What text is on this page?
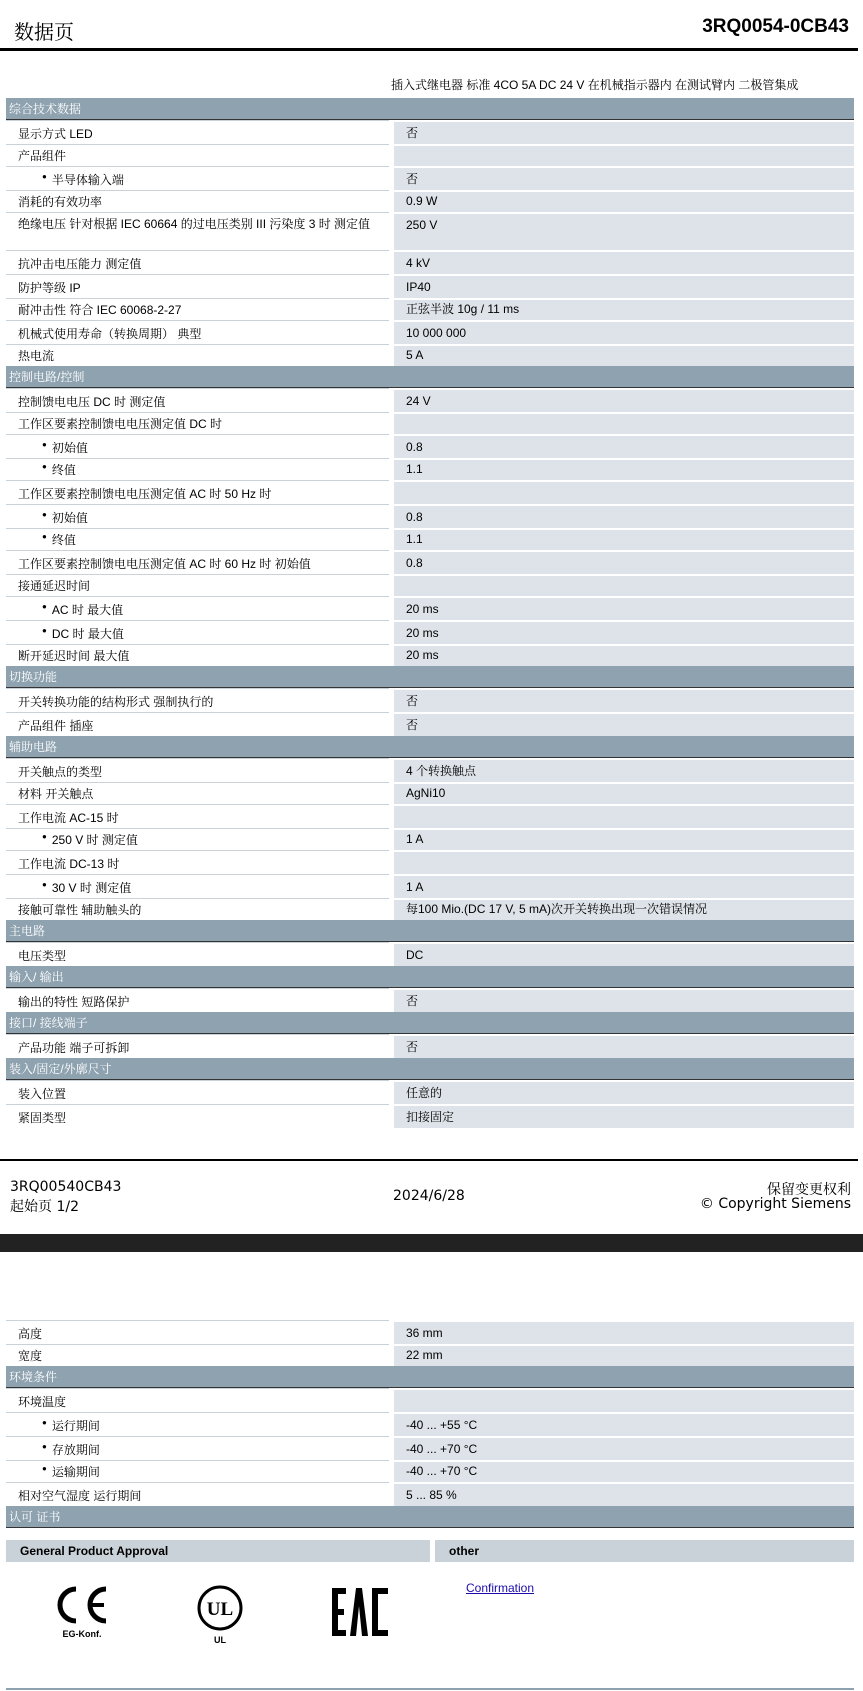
数据页	3RQ0054-0CB43
插入式继电器 标准 4CO 5A DC 24 V 在机械指示器内 在测试臂内 二极管集成
综合技术数据
显示方式 LED	否
产品组件
● 半导体输入端	否
消耗的有效功率	0.9 W
绝缘电压 针对根据 IEC 60664 的过电压类别 III 污染度 3 时 测定值	250 V
抗冲击电压能力 测定值	4 kV
防护等级 IP	IP40
耐冲击性 符合 IEC 60068-2-27	正弦半波 10g / 11 ms
机械式使用寿命（转换周期） 典型	10 000 000
热电流	5 A
控制电路/控制
控制馈电电压 DC 时 测定值	24 V
工作区要素控制馈电电压测定值 DC 时
● 初始值	0.8
● 终值	1.1
工作区要素控制馈电电压测定值 AC 时 50 Hz 时
● 初始值	0.8
● 终值	1.1
工作区要素控制馈电电压测定值 AC 时 60 Hz 时 初始值	0.8
接通延迟时间
● AC 时 最大值	20 ms
● DC 时 最大值	20 ms
断开延迟时间 最大值	20 ms
切换功能
开关转换功能的结构形式 强制执行的	否
产品组件 插座	否
辅助电路
开关触点的类型	4 个转换触点
材料 开关触点	AgNi10
工作电流 AC-15 时
● 250 V 时 测定值	1 A
工作电流 DC-13 时
● 30 V 时 测定值	1 A
接触可靠性 辅助触头的	每100 Mio.(DC 17 V, 5 mA)次开关转换出现一次错误情况
主电路
电压类型	DC
输入/ 输出
输出的特性 短路保护	否
接口/ 接线端子
产品功能 端子可拆卸	否
装入/固定/外廓尺寸
装入位置	任意的
紧固类型	扣接固定
3RQ00540CB43
起始页 1/2
2024/6/28	保留变更权利
© Copyright Siemens
高度	36 mm
宽度	22 mm
环境条件
环境温度
● 运行期间	-40 ... +55 °C
● 存放期间	-40 ... +70 °C
● 运输期间	-40 ... +70 °C
相对空气湿度 运行期间	5 ... 85 %
认可 证书
General Product Approval	other
EG-Konf.
UL
UL
Confirmation
